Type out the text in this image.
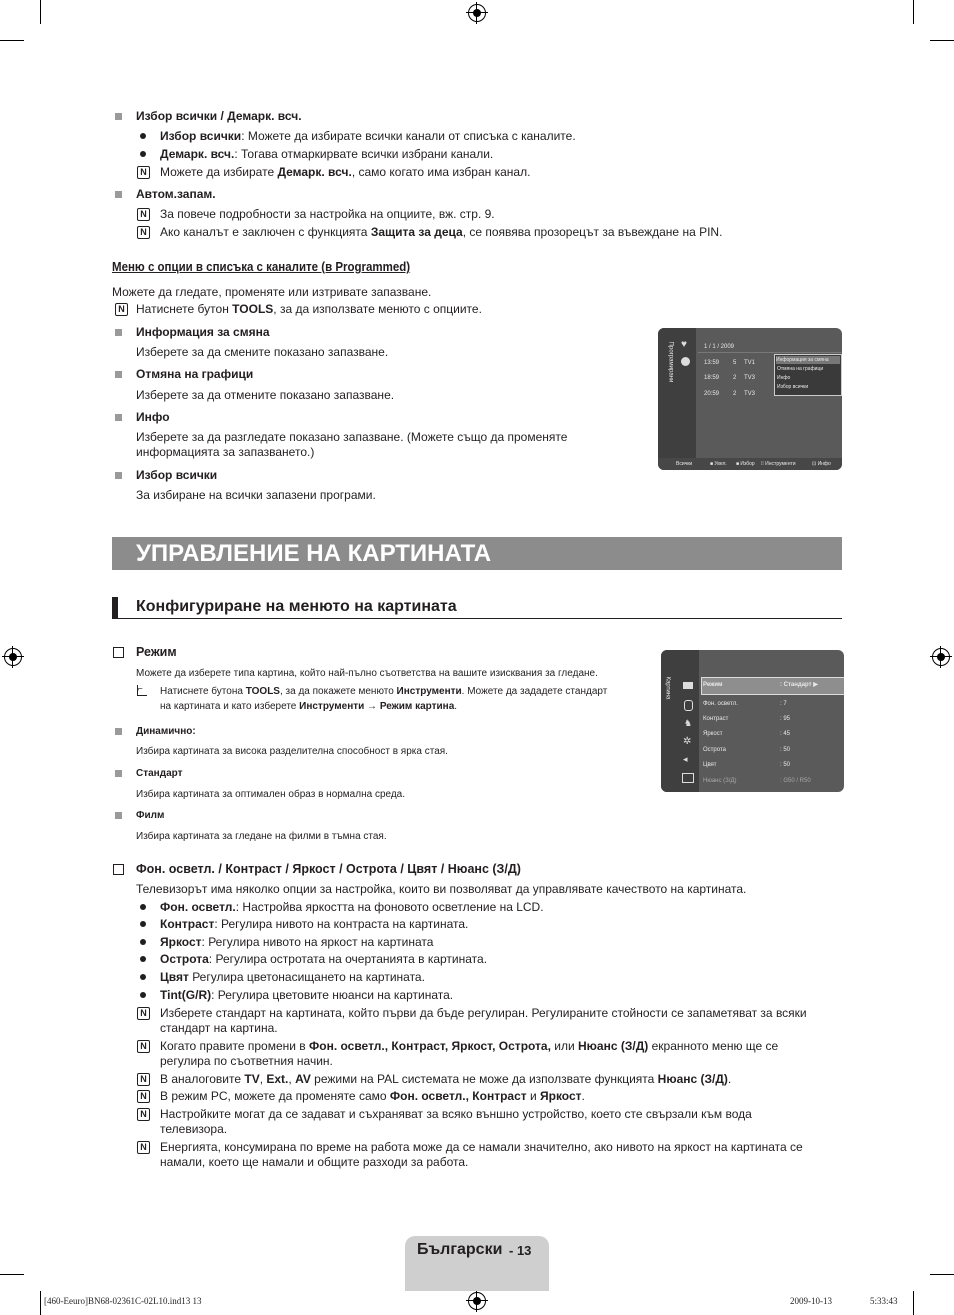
Избор всички / Демарк. всч.
Избор всички: Можете да избирате всички канали от списъка с каналите.
Демарк. всч.: Тогава отмаркирвате всички избрани канали.
N Можете да избирате Демарк. всч., само когато има избран канал.
Автом.запам.
N За повече подробности за настройка на опциите, вж. стр. 9.
N Ако каналът е заключен с функцията Защита за деца, се появява прозорецът за въвеждане на PIN.
Меню с опции в списъка с каналите (в Programmed)
Можете да гледате, променяте или изтривате запазване.
N Натиснете бутон TOOLS, за да използвате менюто с опциите.
Информация за смяна
Изберете за да смените показано запазване.
Отмяна на графици
Изберете за да отмените показано запазване.
Инфо
Изберете за да разгледате показано запазване. (Можете също да променяте
информацията за запазването.)
Избор всички
За избиране на всички запазени програми.
Програмирани ♥	1 / 1 / 2009
13:59 5 TV1
18:59 2 TV3
20:59 2 TV3
Информация за смяна
Отмяна на графици
Инфо
Избор всички
Всички	■ Увел. ■ Избор ⁞⁞ Инструменти	⊡ Инфо
УПРАВЛЕНИЕ НА КАРТИНАТА
Конфигуриране на менюто на картината
Режим
Можете да изберете типа картина, който най-пълно съответства на вашите изисквания за гледане.
⌐	Натиснете бутона TOOLS, за да покажете менюто Инструменти. Можете да зададете стандарт
на картината и като изберете Инструменти → Режим картина.
Динамично:
Избира картината за висока разделителна способност в ярка стая.
Стандарт
Избира картината за оптимален образ в нормална среда.
Филм
Избира картината за гледане на филми в тъмна стая.
Картина
♞
✲
◂
Режим	: Стандарт ▶
Фон. осветл.	: 7
Контраст	: 95
Яркост	: 45
Острота	: 50
Цвят	: 50
Нюанс (З/Д)	: G50 / R50
Фон. осветл. / Контраст / Яркост / Острота / Цвят / Нюанс (З/Д)
Телевизорът има няколко опции за настройка, които ви позволяват да управлявате качеството на картината.
Фон. осветл.: Настройва яркостта на фоновото осветление на LCD.
Контраст: Регулира нивото на контраста на картината.
Яркост: Регулира нивото на яркост на картината
Острота: Регулира остротата на очертанията в картината.
Цвят Регулира цветонасищането на картината.
Tint(G/R): Регулира цветовите нюанси на картината.
N Изберете стандарт на картината, който първи да бъде регулиран. Регулираните стойности се запаметяват за всяки
стандарт на картина.
N Когато правите промени в Фон. осветл., Контраст, Яркост, Острота, или Нюанс (З/Д) екранното меню ще се
регулира по съответния начин.
N В аналоговите TV, Ext., AV режими на PAL системата не може да използвате функцията Нюанс (З/Д).
N В режим PC, можете да променяте само Фон. осветл., Контраст и Яркост.
N Настройките могат да се задават и съхраняват за всяко външно устройство, което сте свързали към вода
телевизора.
N Енергията, консумирана по време на работа може да се намали значително, ако нивото на яркост на картината се
намали, което ще намали и общите разходи за работа.
Български - 13
[460-Eeuro]BN68-02361C-02L10.ind13 13	2009-10-13	5:33:43
